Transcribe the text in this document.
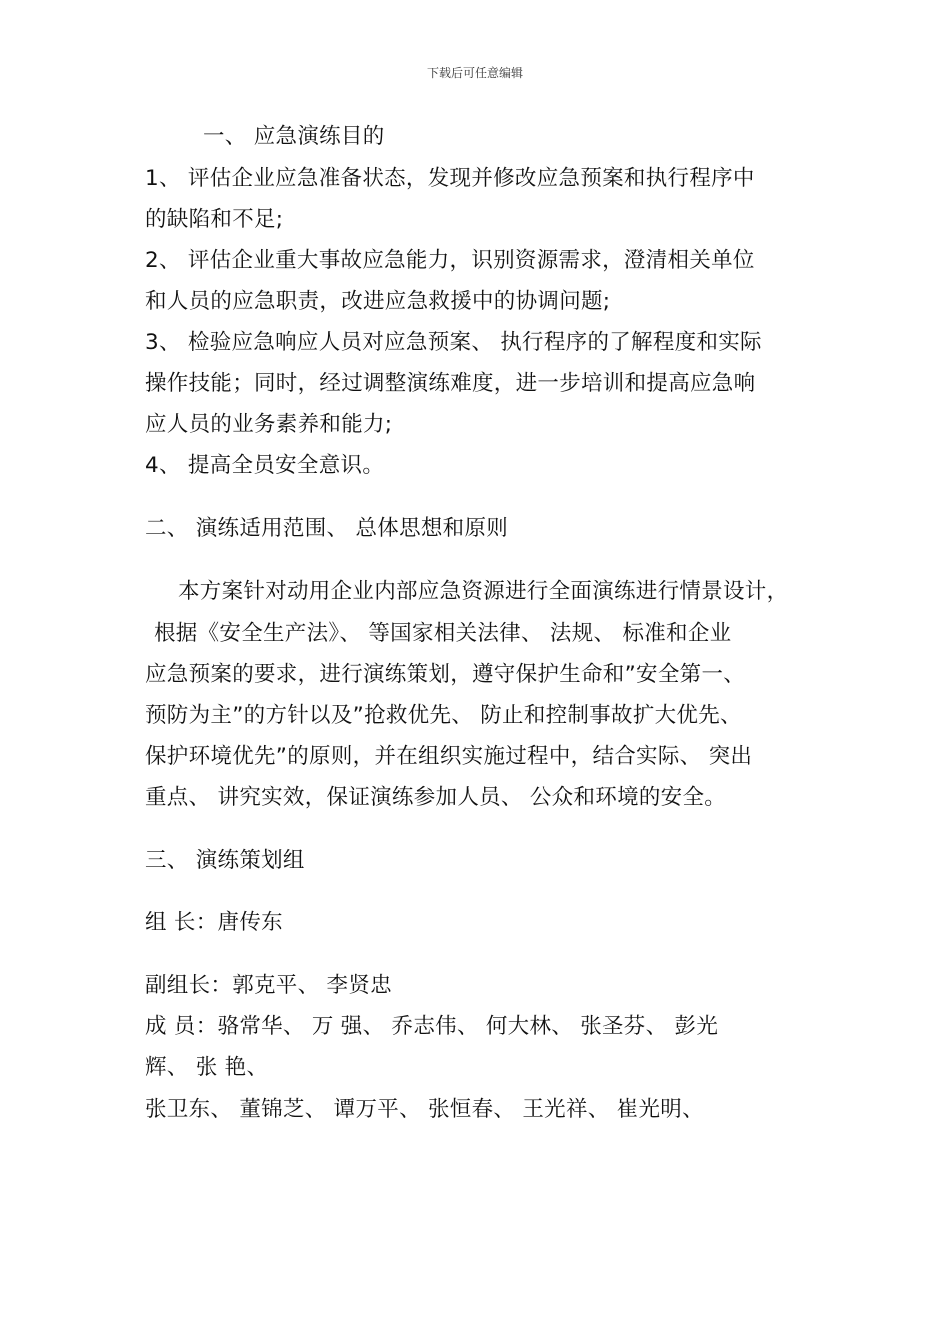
下载后可任意编辑
一、 应急演练目的
1、 评估企业应急准备状态，发现并修改应急预案和执行程序中
的缺陷和不足;
2、 评估企业重大事故应急能力，识别资源需求，澄清相关单位
和人员的应急职责，改进应急救援中的协调问题;
3、 检验应急响应人员对应急预案、 执行程序的了解程度和实际
操作技能；同时，经过调整演练难度，进一步培训和提高应急响
应人员的业务素养和能力;
4、 提高全员安全意识。
二、 演练适用范围、 总体思想和原则
本方案针对动用企业内部应急资源进行全面演练进行情景设计，
根据《安全生产法》、 等国家相关法律、 法规、 标准和企业
应急预案的要求，进行演练策划，遵守保护生命和”安全第一、
预防为主”的方针以及”抢救优先、 防止和控制事故扩大优先、
保护环境优先”的原则，并在组织实施过程中，结合实际、 突出
重点、 讲究实效，保证演练参加人员、 公众和环境的安全。
三、 演练策划组
组 长：唐传东
副组长：郭克平、 李贤忠
成 员：骆常华、 万 强、 乔志伟、 何大林、 张圣芬、 彭光
辉、 张 艳、
张卫东、 董锦芝、 谭万平、 张恒春、 王光祥、 崔光明、
